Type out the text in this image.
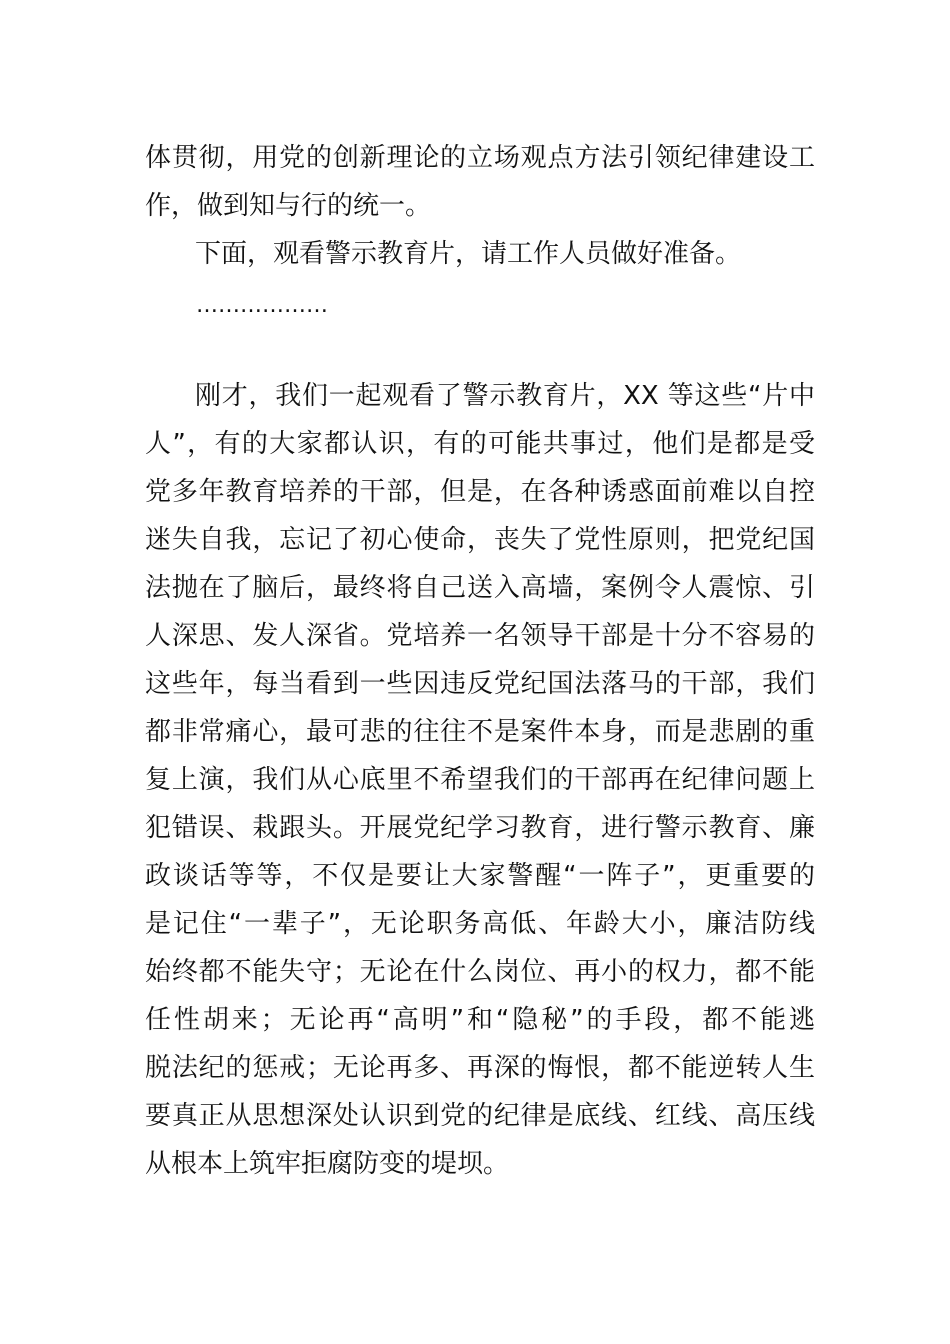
体贯彻，用党的创新理论的立场观点方法引领纪律建设工
作，做到知与行的统一。
下面，观看警示教育片，请工作人员做好准备。
………………
刚才，我们一起观看了警示教育片，XX 等这些“片中
人”，有的大家都认识，有的可能共事过，他们是都是受
党多年教育培养的干部，但是，在各种诱惑面前难以自控
迷失自我，忘记了初心使命，丧失了党性原则，把党纪国
法抛在了脑后，最终将自己送入高墙，案例令人震惊、引
人深思、发人深省。党培养一名领导干部是十分不容易的
这些年，每当看到一些因违反党纪国法落马的干部，我们
都非常痛心，最可悲的往往不是案件本身，而是悲剧的重
复上演，我们从心底里不希望我们的干部再在纪律问题上
犯错误、栽跟头。开展党纪学习教育，进行警示教育、廉
政谈话等等，不仅是要让大家警醒“一阵子”，更重要的
是记住“一辈子”，无论职务高低、年龄大小，廉洁防线
始终都不能失守；无论在什么岗位、再小的权力，都不能
任性胡来；无论再“高明”和“隐秘”的手段，都不能逃
脱法纪的惩戒；无论再多、再深的悔恨，都不能逆转人生
要真正从思想深处认识到党的纪律是底线、红线、高压线
从根本上筑牢拒腐防变的堤坝。
